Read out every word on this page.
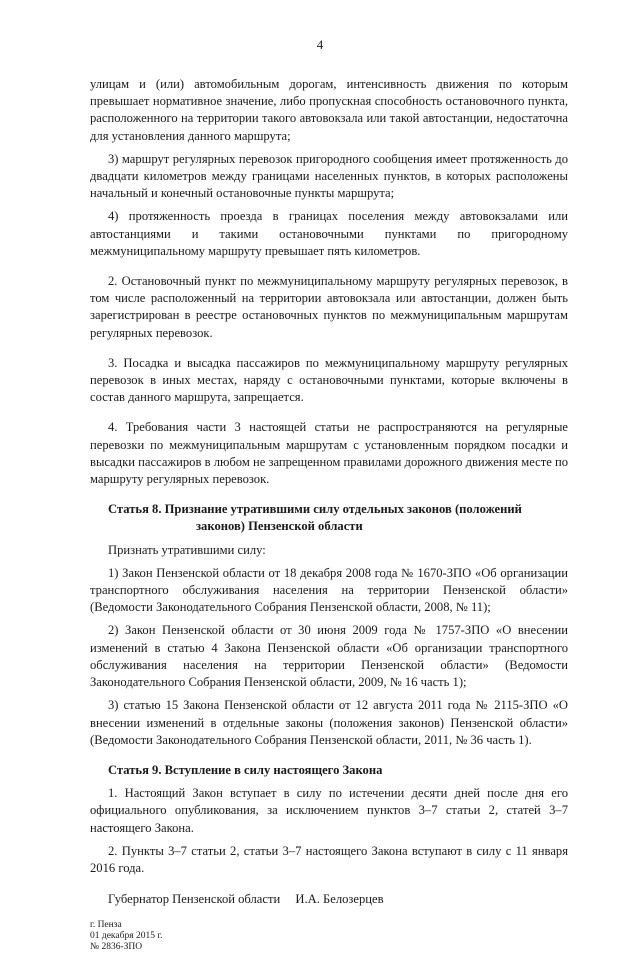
4

улицам и (или) автомобильным дорогам, интенсивность движения по которым превышает нормативное значение, либо пропускная способность остановочного пункта, расположенного на территории такого автовокзала или такой автостанции, недостаточна для установления данного маршрута;

3) маршрут регулярных перевозок пригородного сообщения имеет протяженность до двадцати километров между границами населенных пунктов, в которых расположены начальный и конечный остановочные пункты маршрута;

4) протяженность проезда в границах поселения между автовокзалами или автостанциями и такими остановочными пунктами по пригородному межмуниципальному маршруту превышает пять километров.

2. Остановочный пункт по межмуниципальному маршруту регулярных перевозок, в том числе расположенный на территории автовокзала или автостанции, должен быть зарегистрирован в реестре остановочных пунктов по межмуниципальным маршрутам регулярных перевозок.

3. Посадка и высадка пассажиров по межмуниципальному маршруту регулярных перевозок в иных местах, наряду с остановочными пунктами, которые включены в состав данного маршрута, запрещается.

4. Требования части 3 настоящей статьи не распространяются на регулярные перевозки по межмуниципальным маршрутам с установленным порядком посадки и высадки пассажиров в любом не запрещенном правилами дорожного движения месте по маршруту регулярных перевозок.

Статья 8. Признание утратившими силу отдельных законов (положений
законов) Пензенской области

Признать утратившими силу:

1) Закон Пензенской области от 18 декабря 2008 года № 1670-ЗПО «Об организации транспортного обслуживания населения на территории Пензенской области» (Ведомости Законодательного Собрания Пензенской области, 2008, № 11);

2) Закон Пензенской области от 30 июня 2009 года № 1757-ЗПО «О внесении изменений в статью 4 Закона Пензенской области «Об организации транспортного обслуживания населения на территории Пензенской области» (Ведомости Законодательного Собрания Пензенской области, 2009, № 16 часть 1);

3) статью 15 Закона Пензенской области от 12 августа 2011 года № 2115-ЗПО «О внесении изменений в отдельные законы (положения законов) Пензенской области» (Ведомости Законодательного Собрания Пензенской области, 2011, № 36 часть 1).

Статья 9. Вступление в силу настоящего Закона

1. Настоящий Закон вступает в силу по истечении десяти дней после дня его официального опубликования, за исключением пунктов 3–7 статьи 2, статей 3–7 настоящего Закона.

2. Пункты 3–7 статьи 2, статьи 3–7 настоящего Закона вступают в силу с 11 января 2016 года.

Губернатор Пензенской области И.А. Белозерцев
г. Пенза
01 декабря 2015 г.
№ 2836-ЗПО
